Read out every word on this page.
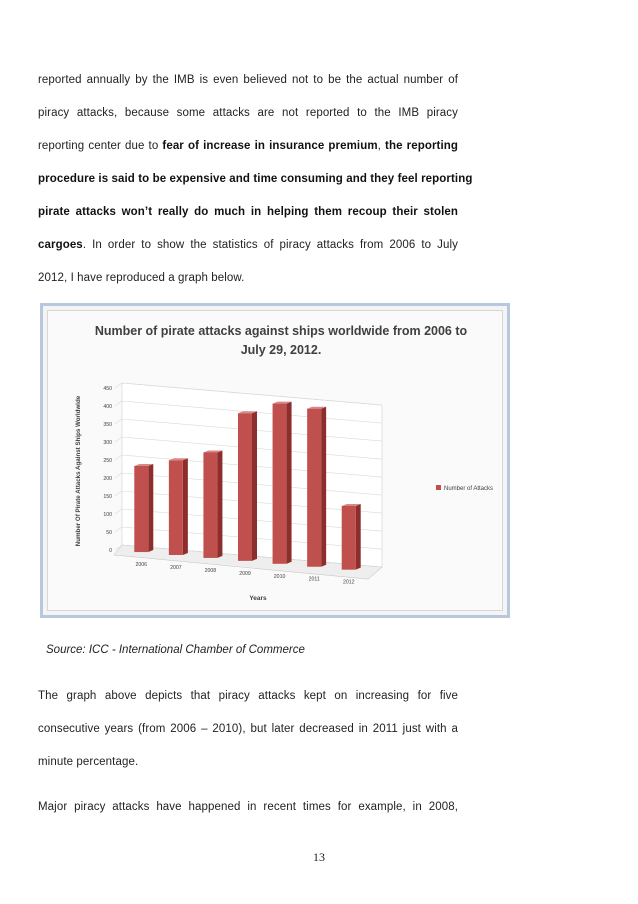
reported annually by the IMB is even believed not to be the actual number of
piracy attacks, because some attacks are not reported to the IMB piracy
reporting center due to fear of increase in insurance premium, the reporting
procedure is said to be expensive and time consuming and they feel reporting
pirate attacks won’t really do much in helping them recoup their stolen
cargoes. In order to show the statistics of piracy attacks from 2006 to July
2012, I have reproduced a graph below.
Number of pirate attacks against ships worldwide from 2006 to
July 29, 2012.
Number Of Pirate Attacks Against Ships Worldwide
Years
0
50
100
150
200
250
300
350
400
450
2006	2007	2008	2009	2010	2011	2012
Number of Attacks
Source: ICC - International Chamber of Commerce
The graph above depicts that piracy attacks kept on increasing for five
consecutive years (from 2006 – 2010), but later decreased in 2011 just with a
minute percentage.
Major piracy attacks have happened in recent times for example, in 2008,
13
